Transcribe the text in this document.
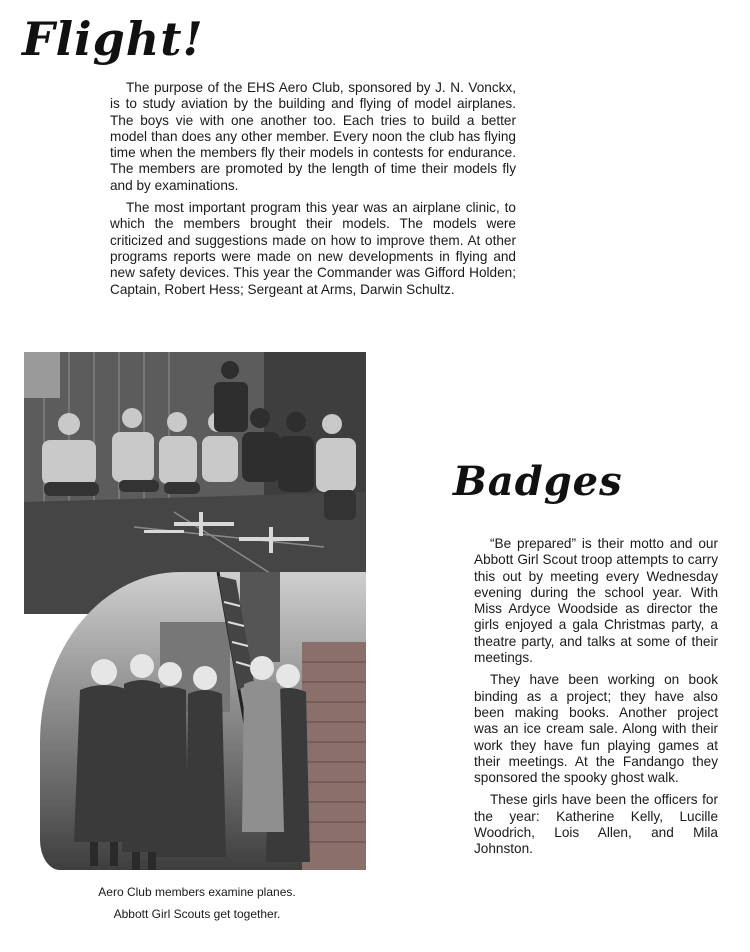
Flight!

The purpose of the EHS Aero Club, sponsored by J. N. Vonckx, is to study aviation by the building and flying of model airplanes. The boys vie with one another too. Each tries to build a better model than does any other member. Every noon the club has flying time when the members fly their models in contests for endurance. The members are promoted by the length of time their models fly and by examinations.

The most important program this year was an airplane clinic, to which the members brought their models. The models were criticized and suggestions made on how to improve them. At other programs reports were made on new developments in flying and new safety devices. This year the Commander was Gifford Holden; Captain, Robert Hess; Sergeant at Arms, Darwin Schultz.

Aero Club members examine planes.

Abbott Girl Scouts get together.

Badges

“Be prepared” is their motto and our Abbott Girl Scout troop attempts to carry this out by meeting every Wednesday evening during the school year. With Miss Ardyce Woodside as director the girls enjoyed a gala Christmas party, a theatre party, and talks at some of their meetings.

They have been working on book binding as a project; they have also been making books. Another project was an ice cream sale. Along with their work they have fun playing games at their meetings. At the Fandango they sponsored the spooky ghost walk.

These girls have been the officers for the year: Katherine Kelly, Lucille Woodrich, Lois Allen, and Mila Johnston.
